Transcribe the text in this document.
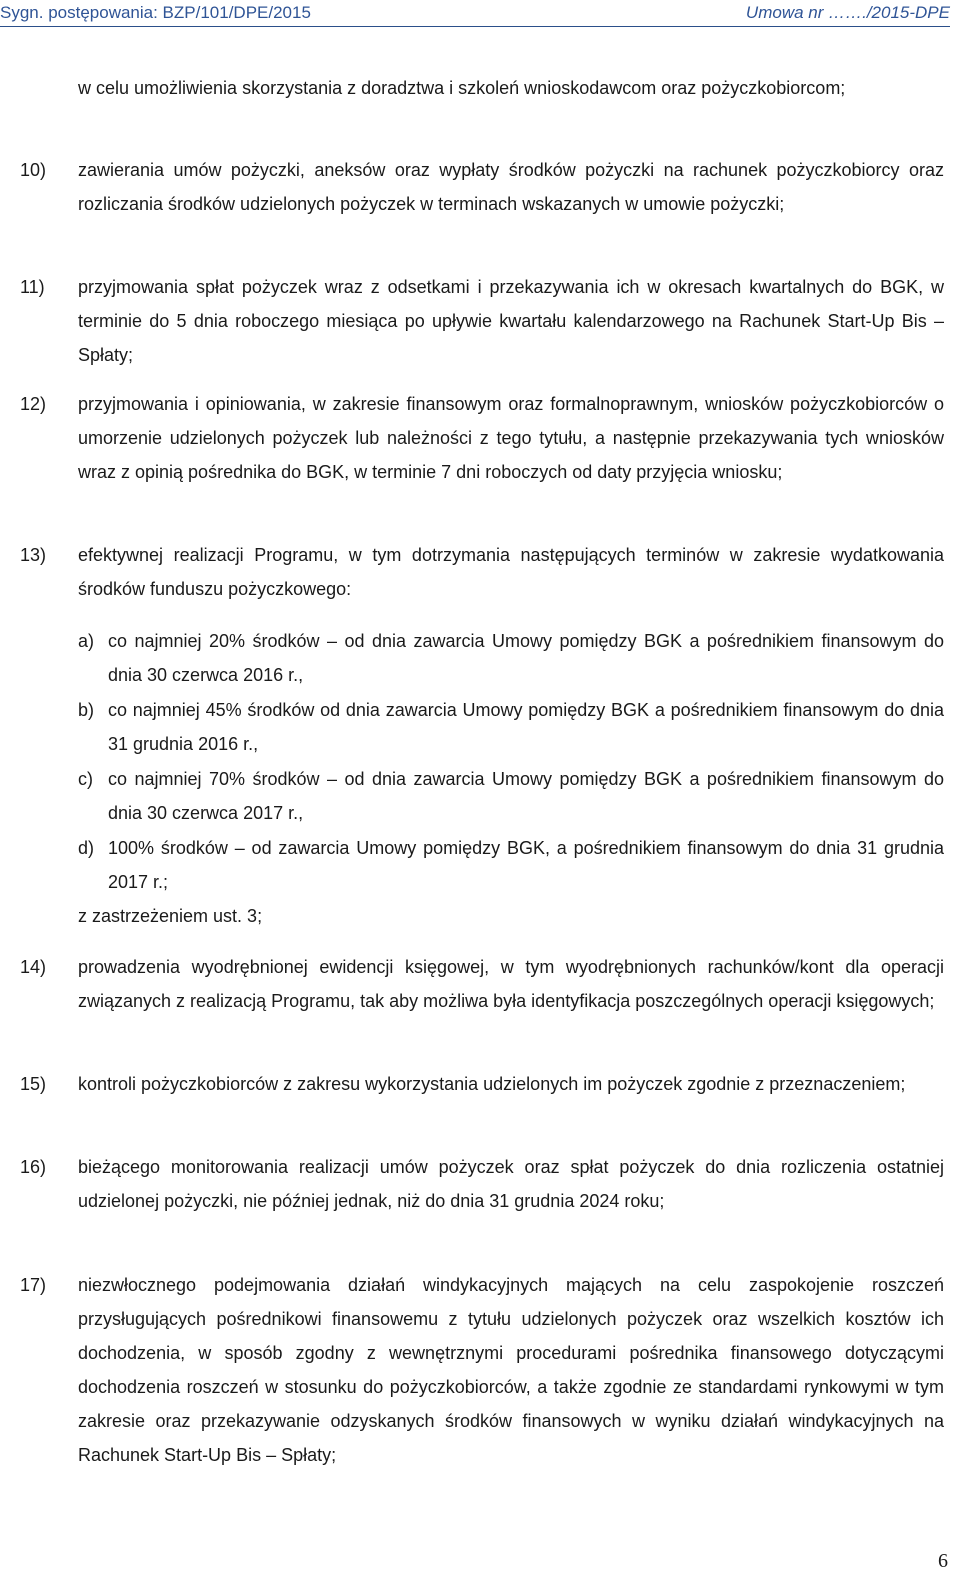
Sygn. postępowania: BZP/101/DPE/2015	Umowa nr ……./2015-DPE
w celu umożliwienia skorzystania z doradztwa i szkoleń wnioskodawcom oraz pożyczkobiorcom;
10)	zawierania umów pożyczki, aneksów oraz wypłaty środków pożyczki na rachunek pożyczkobiorcy oraz rozliczania środków udzielonych pożyczek w terminach wskazanych w umowie pożyczki;
11)	przyjmowania spłat pożyczek wraz z odsetkami i przekazywania ich w okresach kwartalnych do BGK, w terminie do 5 dnia roboczego miesiąca po upływie kwartału kalendarzowego na Rachunek Start-Up Bis – Spłaty;
12)	przyjmowania i opiniowania, w zakresie finansowym oraz formalnoprawnym, wniosków pożyczkobiorców o umorzenie udzielonych pożyczek lub należności z tego tytułu, a następnie przekazywania tych wniosków wraz z opinią pośrednika do BGK, w terminie 7 dni roboczych od daty przyjęcia wniosku;
13)	efektywnej realizacji Programu, w tym dotrzymania następujących terminów w zakresie wydatkowania środków funduszu pożyczkowego:
a) co najmniej 20% środków – od dnia zawarcia Umowy pomiędzy BGK a pośrednikiem finansowym do dnia 30 czerwca 2016 r.,
b) co najmniej 45% środków od dnia zawarcia Umowy pomiędzy BGK a pośrednikiem finansowym do dnia 31 grudnia 2016 r.,
c) co najmniej 70% środków – od dnia zawarcia Umowy pomiędzy BGK a pośrednikiem finansowym do dnia 30 czerwca 2017 r.,
d) 100% środków – od zawarcia Umowy pomiędzy BGK, a pośrednikiem finansowym do dnia 31 grudnia 2017 r.;
z zastrzeżeniem ust. 3;
14)	prowadzenia wyodrębnionej ewidencji księgowej, w tym wyodrębnionych rachunków/kont dla operacji związanych z realizacją Programu, tak aby możliwa była identyfikacja poszczególnych operacji księgowych;
15)	kontroli pożyczkobiorców z zakresu wykorzystania udzielonych im pożyczek zgodnie z przeznaczeniem;
16)	bieżącego monitorowania realizacji umów pożyczek oraz spłat pożyczek do dnia rozliczenia ostatniej udzielonej pożyczki, nie później jednak, niż do dnia 31 grudnia 2024 roku;
17)	niezwłocznego podejmowania działań windykacyjnych mających na celu zaspokojenie roszczeń przysługujących pośrednikowi finansowemu z tytułu udzielonych pożyczek oraz wszelkich kosztów ich dochodzenia, w sposób zgodny z wewnętrznymi procedurami pośrednika finansowego dotyczącymi dochodzenia roszczeń w stosunku do pożyczkobiorców, a także zgodnie ze standardami rynkowymi w tym zakresie oraz przekazywanie odzyskanych środków finansowych w wyniku działań windykacyjnych na Rachunek Start-Up Bis – Spłaty;
6
